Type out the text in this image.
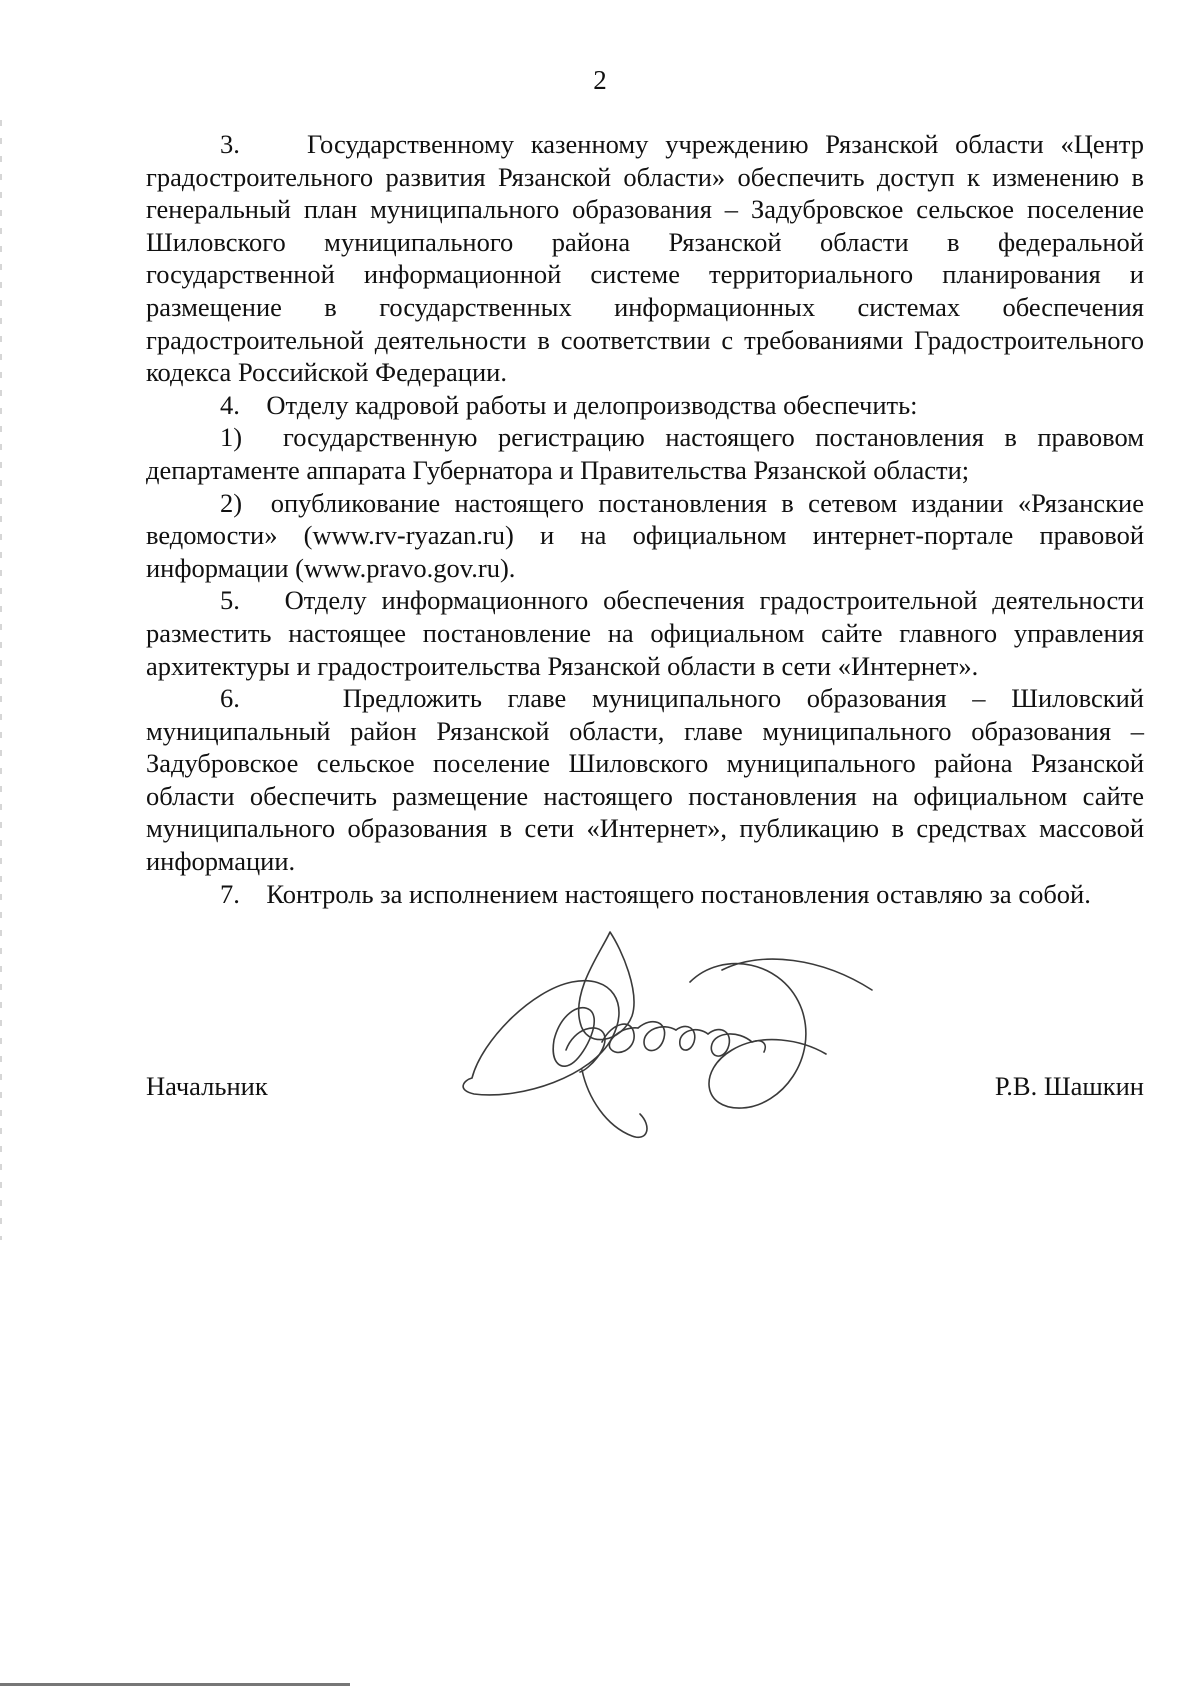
2

3.    Государственному казенному учреждению Рязанской области «Центр градостроительного развития Рязанской области» обеспечить доступ к изменению в генеральный план муниципального образования – Задубровское сельское поселение Шиловского муниципального района Рязанской области в федеральной государственной информационной системе территориального планирования и размещение в государственных информационных системах обеспечения градостроительной деятельности в соответствии с требованиями Градостроительного кодекса Российской Федерации.

4.    Отделу кадровой работы и делопроизводства обеспечить:

1)  государственную регистрацию настоящего постановления в правовом департаменте аппарата Губернатора и Правительства Рязанской области;

2)  опубликование настоящего постановления в сетевом издании «Рязанские ведомости» (www.rv-ryazan.ru) и на официальном интернет-портале правовой информации (www.pravo.gov.ru).

5.   Отделу информационного обеспечения градостроительной деятельности разместить настоящее постановление на официальном сайте главного управления архитектуры и градостроительства Рязанской области в сети «Интернет».

6.    Предложить главе муниципального образования – Шиловский муниципальный район Рязанской области, главе муниципального образования – Задубровское сельское поселение Шиловского муниципального района Рязанской области обеспечить размещение настоящего постановления на официальном сайте муниципального образования в сети «Интернет», публикацию в средствах массовой информации.

7.    Контроль за исполнением настоящего постановления оставляю за собой.

Начальник	Р.В. Шашкин
